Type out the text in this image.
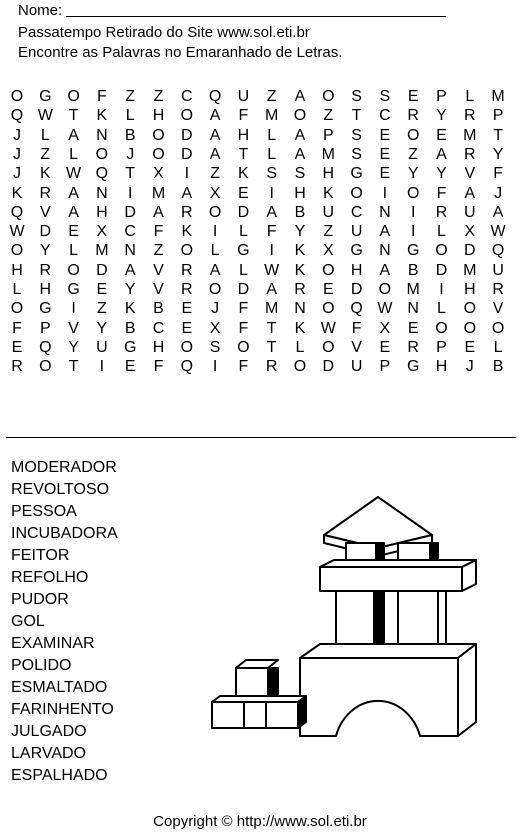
Nome:
Passatempo Retirado do Site www.sol.eti.br
Encontre as Palavras no Emaranhado de Letras.
O G O	F	Z	Z	C Q U	Z	A O S S E P	L	M
Q W T	K	L	H O A	F	M O	Z	T	C R Y R P
J	L	A N B O D A H	L	A P S E O E M	T
J	Z	L	O	J	O D A	T	L	A M S E	Z	A R Y
J	K W Q	T	X	I	Z	K S S H G E Y Y V	F
K R A N	I	M A X E	I	H K O	I	O	F	A	J
Q V A H D A R O D A B U C N	I	R U A
W D E X C	F	K	I	L	F	Y	Z	U A	I	L	X W
O Y	L	M N	Z	O	L	G	I	K X G N G O D Q
H R O D A V R A	L	W K O H A B D M U
L	H G E Y V R O D A R E D O M	I	H R
O G	I	Z	K B E	J	F	M N O Q W N	L	O V
F	P V Y B C E X	F	T	K W F	X E O O O
E Q Y U G H O S O	T	L	O V E R P E	L
R O	T	I	E	F	Q	I	F	R O D U P G H	J	B
MODERADOR
REVOLTOSO
PESSOA
INCUBADORA
FEITOR
REFOLHO
PUDOR
GOL
EXAMINAR
POLIDO
ESMALTADO
FARINHENTO
JULGADO
LARVADO
ESPALHADO
Copyright © http://www.sol.eti.br
